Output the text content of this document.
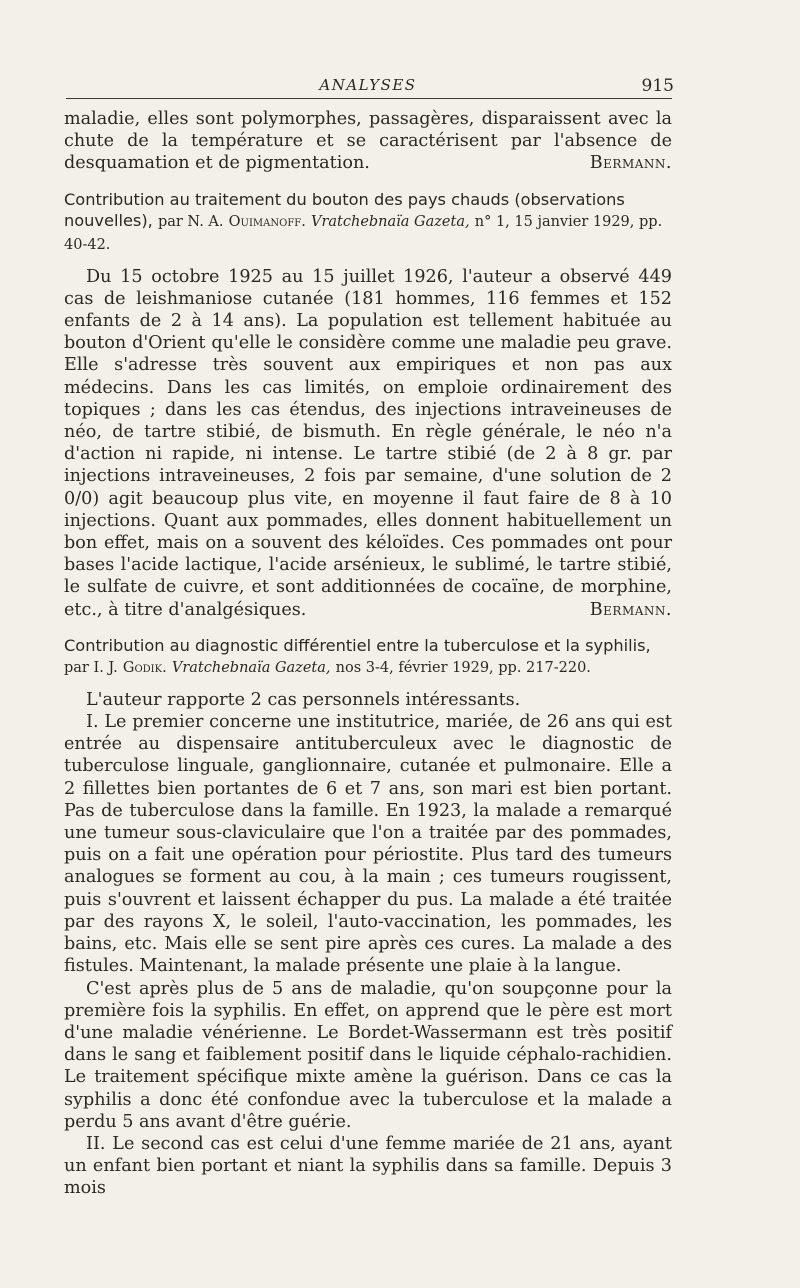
ANALYSES	915

maladie, elles sont polymorphes, passagères, disparaissent avec la chute de la température et se caractérisent par l'absence de desquamation et de pigmentation.	Bermann.

Contribution au traitement du bouton des pays chauds (observations nouvelles), par N. A. Ouimanoff. Vratchebnaïa Gazeta, n° 1, 15 janvier 1929, pp. 40-42.

Du 15 octobre 1925 au 15 juillet 1926, l'auteur a observé 449 cas de leishmaniose cutanée (181 hommes, 116 femmes et 152 enfants de 2 à 14 ans). La population est tellement habituée au bouton d'Orient qu'elle le considère comme une maladie peu grave. Elle s'adresse très souvent aux empiriques et non pas aux médecins. Dans les cas limités, on emploie ordinairement des topiques ; dans les cas étendus, des injections intraveineuses de néo, de tartre stibié, de bismuth. En règle générale, le néo n'a d'action ni rapide, ni intense. Le tartre stibié (de 2 à 8 gr. par injections intraveineuses, 2 fois par semaine, d'une solution de 2 0/0) agit beaucoup plus vite, en moyenne il faut faire de 8 à 10 injections. Quant aux pommades, elles donnent habituellement un bon effet, mais on a souvent des kéloïdes. Ces pommades ont pour bases l'acide lactique, l'acide arsénieux, le sublimé, le tartre stibié, le sulfate de cuivre, et sont additionnées de cocaïne, de morphine, etc., à titre d'analgésiques.	Bermann.

Contribution au diagnostic différentiel entre la tuberculose et la syphilis, par I. J. Godik. Vratchebnaïa Gazeta, nos 3-4, février 1929, pp. 217-220.

L'auteur rapporte 2 cas personnels intéressants.

I. Le premier concerne une institutrice, mariée, de 26 ans qui est entrée au dispensaire antituberculeux avec le diagnostic de tuberculose linguale, ganglionnaire, cutanée et pulmonaire. Elle a 2 fillettes bien portantes de 6 et 7 ans, son mari est bien portant. Pas de tuberculose dans la famille. En 1923, la malade a remarqué une tumeur sous-claviculaire que l'on a traitée par des pommades, puis on a fait une opération pour périostite. Plus tard des tumeurs analogues se forment au cou, à la main ; ces tumeurs rougissent, puis s'ouvrent et laissent échapper du pus. La malade a été traitée par des rayons X, le soleil, l'auto-vaccination, les pommades, les bains, etc. Mais elle se sent pire après ces cures. La malade a des fistules. Maintenant, la malade présente une plaie à la langue.

C'est après plus de 5 ans de maladie, qu'on soupçonne pour la première fois la syphilis. En effet, on apprend que le père est mort d'une maladie vénérienne. Le Bordet-Wassermann est très positif dans le sang et faiblement positif dans le liquide céphalo-rachidien. Le traitement spécifique mixte amène la guérison. Dans ce cas la syphilis a donc été confondue avec la tuberculose et la malade a perdu 5 ans avant d'être guérie.

II. Le second cas est celui d'une femme mariée de 21 ans, ayant un enfant bien portant et niant la syphilis dans sa famille. Depuis 3 mois
